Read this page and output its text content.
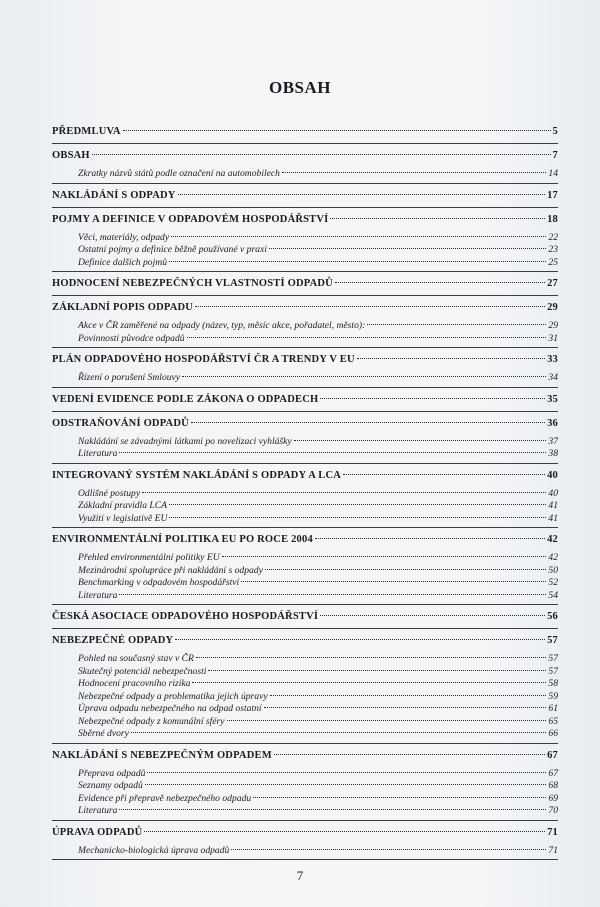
OBSAH
PŘEDMLUVA	5
OBSAH	7
Zkratky názvů států podle označení na automobilech	14
NAKLÁDÁNÍ S ODPADY	17
POJMY A DEFINICE V ODPADOVÉM HOSPODÁŘSTVÍ	18
Věci, materiály, odpady	22
Ostatní pojmy a definice běžně používané v praxi	23
Definice dalších pojmů	25
HODNOCENÍ NEBEZPEČNÝCH VLASTNOSTÍ ODPADŮ	27
ZÁKLADNÍ POPIS ODPADU	29
Akce v ČR zaměřené na odpady (název, typ, měsíc akce, pořadatel, město):	29
Povinnosti původce odpadů	31
PLÁN ODPADOVÉHO HOSPODÁŘSTVÍ ČR A TRENDY V EU	33
Řízení o porušení Smlouvy	34
VEDENÍ EVIDENCE PODLE ZÁKONA O ODPADECH	35
ODSTRAŇOVÁNÍ ODPADŮ	36
Nakládání se závadnými látkami po novelizaci vyhlášky	37
Literatura	38
INTEGROVANÝ SYSTÉM NAKLÁDÁNÍ S ODPADY A LCA	40
Odlišné postupy	40
Základní pravidla LCA	41
Využití v legislativě EU	41
ENVIRONMENTÁLNÍ POLITIKA EU PO ROCE 2004	42
Přehled environmentální politiky EU	42
Mezinárodní spolupráce při nakládání s odpady	50
Benchmarking v odpadovém hospodářství	52
Literatura	54
ČESKÁ ASOCIACE ODPADOVÉHO HOSPODÁŘSTVÍ	56
NEBEZPEČNÉ ODPADY	57
Pohled na současný stav v ČR	57
Skutečný potenciál nebezpečnosti	57
Hodnocení pracovního rizika	58
Nebezpečné odpady a problematika jejich úpravy	59
Úprava odpadu nebezpečného na odpad ostatní	61
Nebezpečné odpady z komunální sféry	65
Sběrné dvory	66
NAKLÁDÁNÍ S NEBEZPEČNÝM ODPADEM	67
Přeprava odpadů	67
Seznamy odpadů	68
Evidence při přepravě nebezpečného odpadu	69
Literatura	70
ÚPRAVA ODPADŮ	71
Mechanicko-biologická úprava odpadů	71
7
